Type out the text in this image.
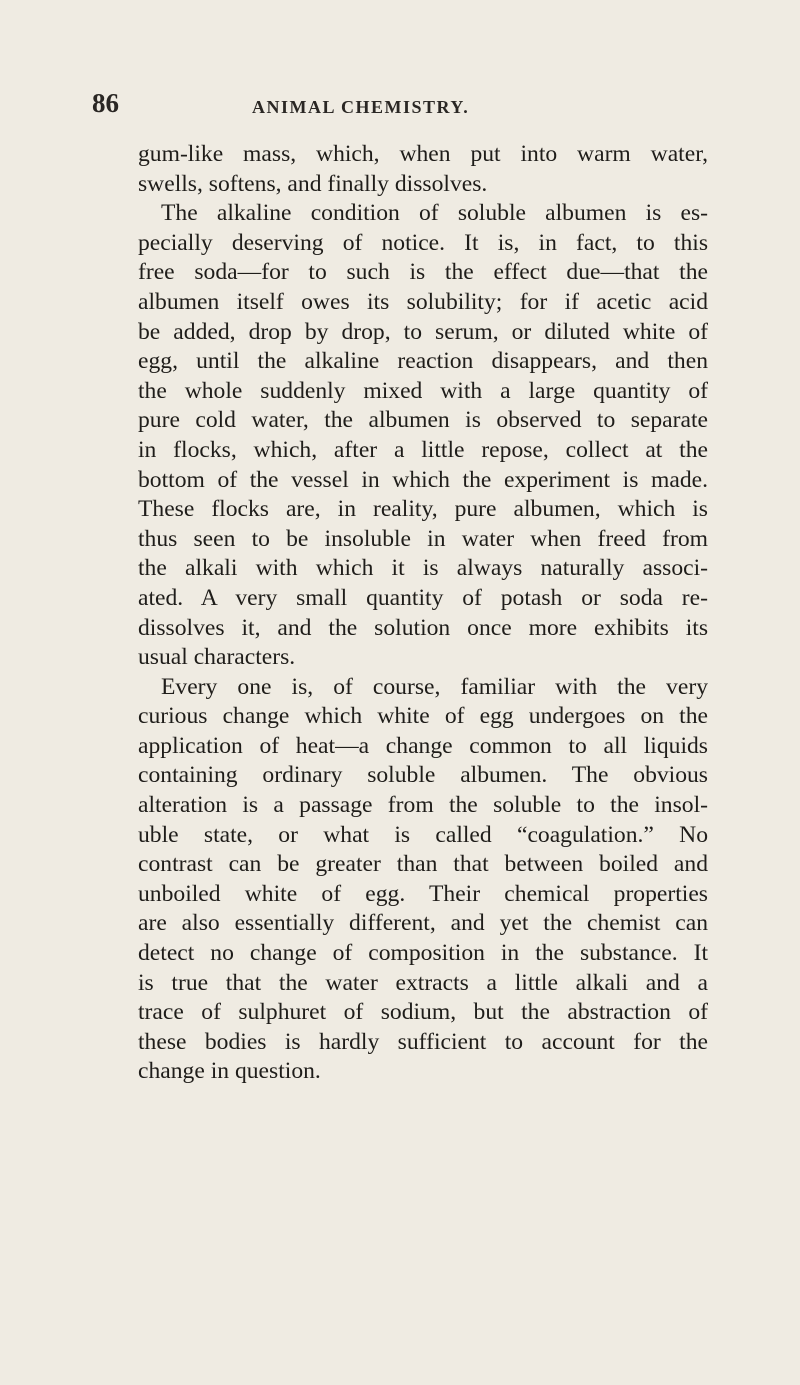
86	ANIMAL CHEMISTRY.
gum-like mass, which, when put into warm water,
swells, softens, and finally dissolves.
The alkaline condition of soluble albumen is es-
pecially deserving of notice. It is, in fact, to this
free soda—for to such is the effect due—that the
albumen itself owes its solubility; for if acetic acid
be added, drop by drop, to serum, or diluted white of
egg, until the alkaline reaction disappears, and then
the whole suddenly mixed with a large quantity of
pure cold water, the albumen is observed to separate
in flocks, which, after a little repose, collect at the
bottom of the vessel in which the experiment is made.
These flocks are, in reality, pure albumen, which is
thus seen to be insoluble in water when freed from
the alkali with which it is always naturally associ-
ated. A very small quantity of potash or soda re-
dissolves it, and the solution once more exhibits its
usual characters.
Every one is, of course, familiar with the very
curious change which white of egg undergoes on the
application of heat—a change common to all liquids
containing ordinary soluble albumen. The obvious
alteration is a passage from the soluble to the insol-
uble state, or what is called “coagulation.” No
contrast can be greater than that between boiled and
unboiled white of egg. Their chemical properties
are also essentially different, and yet the chemist can
detect no change of composition in the substance. It
is true that the water extracts a little alkali and a
trace of sulphuret of sodium, but the abstraction of
these bodies is hardly sufficient to account for the
change in question.
